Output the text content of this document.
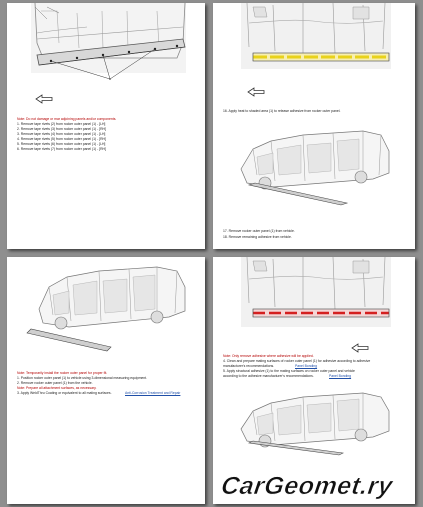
Note: Do not damage or mar adjoining panels and/or components.
1. Remove tape rivets (2) from rocker outer panel (1) - [LH]
2. Remove tape rivets (3) from rocker outer panel (1) - [RH]
3. Remove tape rivets (4) from rocker outer panel (1) - [LH]
4. Remove tape rivets (5) from rocker outer panel (1) - [RH]
5. Remove tape rivets (6) from rocker outer panel (1) - [LH]
6. Remove tape rivets (7) from rocker outer panel (1) - [RH]
16. Apply heat to shaded area (1) to release adhesive from rocker outer panel.
17. Remove rocker outer panel (1) from vehicle.
18. Remove remaining adhesive from vehicle.
Note: Temporarily install the rocker outer panel for proper fit.
1. Position rocker outer panel (1) to vehicle using 3-dimensional measuring equipment.
2. Remove rocker outer panel (1) from the vehicle.
Note: Prepare all attachment surfaces, as necessary.
3. Apply WeldThru Coating or equivalent to all mating surfaces.	Anti-Corrosion Treatment and Repair
Note: Only remove adhesive where adhesive will be applied.
4. Clean and prepare mating surfaces of rocker outer panel (1) for adhesive according to adhesive
manufacturer's recommendations.	Panel Bonding
5. Apply structural adhesive (1) to the mating surfaces on rocker outer panel and vehicle
according to the adhesive manufacturer's recommendations.	Panel Bonding
CarGeomet.ry
